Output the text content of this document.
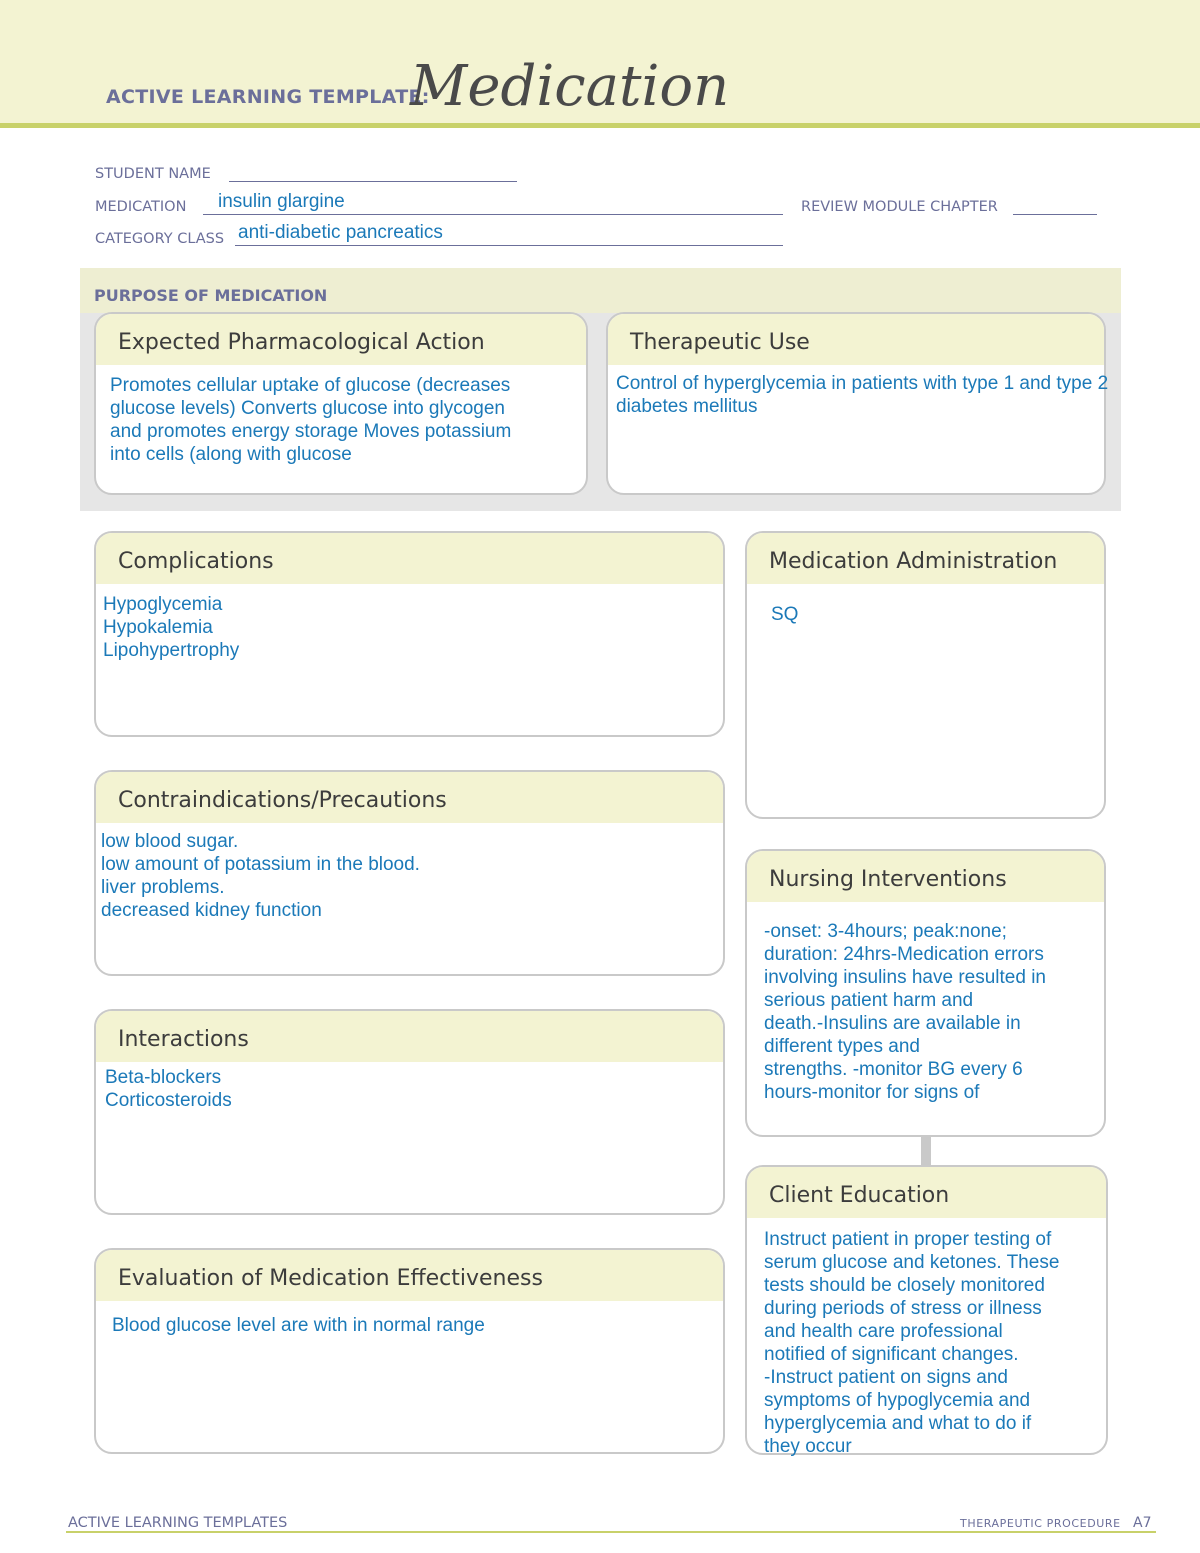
ACTIVE LEARNING TEMPLATE:
Medication
STUDENT NAME
MEDICATION insulin glargine	REVIEW MODULE CHAPTER
CATEGORY CLASS anti-diabetic pancreatics
PURPOSE OF MEDICATION
Expected Pharmacological Action
Promotes cellular uptake of glucose (decreases
glucose levels) Converts glucose into glycogen
and promotes energy storage Moves potassium
into cells (along with glucose
Therapeutic Use
Control of hyperglycemia in patients with type 1 and type 2
diabetes mellitus
Complications
Hypoglycemia
Hypokalemia
Lipohypertrophy
Medication Administration
SQ
Contraindications/Precautions
low blood sugar.
low amount of potassium in the blood.
liver problems.
decreased kidney function
Nursing Interventions
-onset: 3-4hours; peak:none;
duration: 24hrs-Medication errors
involving insulins have resulted in
serious patient harm and
death.-Insulins are available in
different types and
strengths. -monitor BG every 6
hours-monitor for signs of
Interactions
Beta-blockers
Corticosteroids
Client Education
Instruct patient in proper testing of
serum glucose and ketones. These
tests should be closely monitored
during periods of stress or illness
and health care professional
notified of significant changes.
-Instruct patient on signs and
symptoms of hypoglycemia and
hyperglycemia and what to do if
they occur
Evaluation of Medication Effectiveness
Blood glucose level are with in normal range
ACTIVE LEARNING TEMPLATES	THERAPEUTIC PROCEDURE A7
